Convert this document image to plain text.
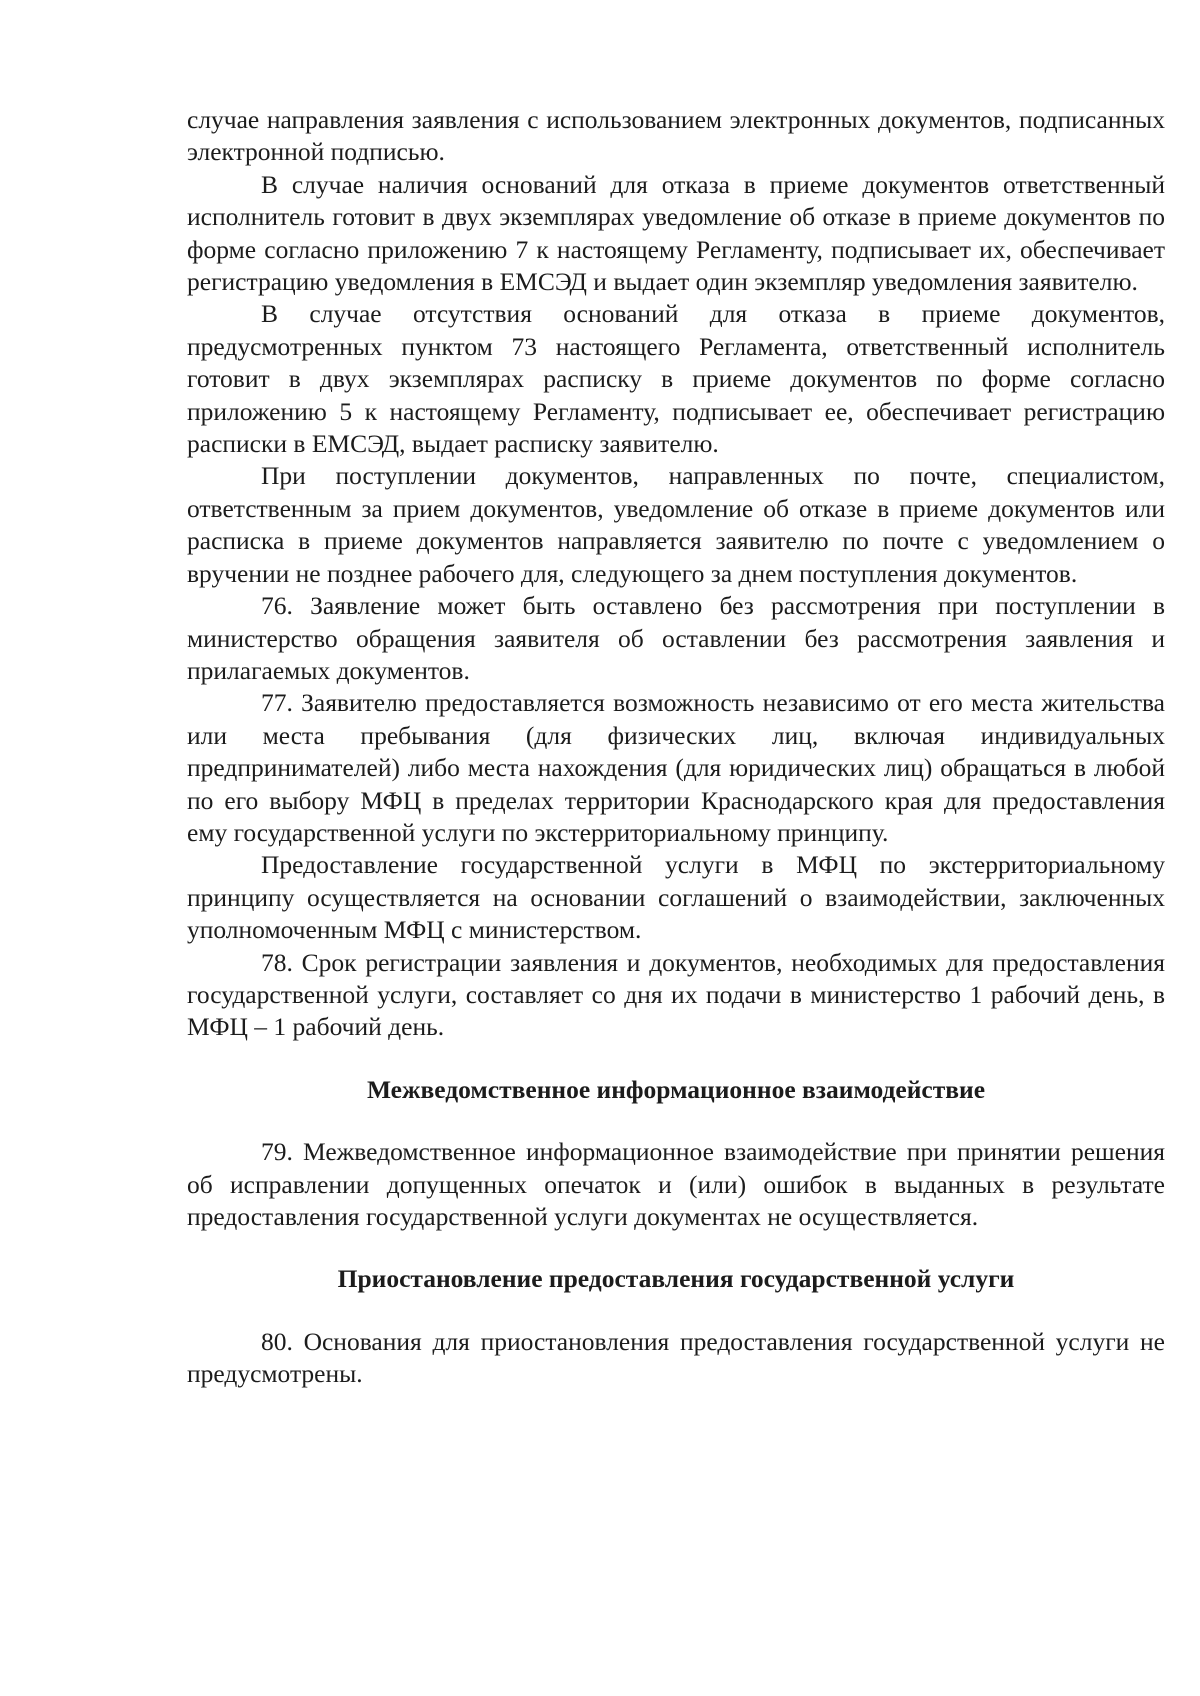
случае направления заявления с использованием электронных документов, подписанных электронной подписью.

В случае наличия оснований для отказа в приеме документов ответственный исполнитель готовит в двух экземплярах уведомление об отказе в приеме документов по форме согласно приложению 7 к настоящему Регламенту, подписывает их, обеспечивает регистрацию уведомления в ЕМСЭД и выдает один экземпляр уведомления заявителю.

В случае отсутствия оснований для отказа в приеме документов, предусмотренных пунктом 73 настоящего Регламента, ответственный исполнитель готовит в двух экземплярах расписку в приеме документов по форме согласно приложению 5 к настоящему Регламенту, подписывает ее, обеспечивает регистрацию расписки в ЕМСЭД, выдает расписку заявителю.

При поступлении документов, направленных по почте, специалистом, ответственным за прием документов, уведомление об отказе в приеме документов или расписка в приеме документов направляется заявителю по почте с уведомлением о вручении не позднее рабочего для, следующего за днем поступления документов.

76. Заявление может быть оставлено без рассмотрения при поступлении в министерство обращения заявителя об оставлении без рассмотрения заявления и прилагаемых документов.

77. Заявителю предоставляется возможность независимо от его места жительства или места пребывания (для физических лиц, включая индивидуальных предпринимателей) либо места нахождения (для юридических лиц) обращаться в любой по его выбору МФЦ в пределах территории Краснодарского края для предоставления ему государственной услуги по экстерриториальному принципу.

Предоставление государственной услуги в МФЦ по экстерриториальному принципу осуществляется на основании соглашений о взаимодействии, заключенных уполномоченным МФЦ с министерством.

78. Срок регистрации заявления и документов, необходимых для предоставления государственной услуги, составляет со дня их подачи в министерство 1 рабочий день, в МФЦ – 1 рабочий день.

Межведомственное информационное взаимодействие

79. Межведомственное информационное взаимодействие при принятии решения об исправлении допущенных опечаток и (или) ошибок в выданных в результате предоставления государственной услуги документах не осуществляется.

Приостановление предоставления государственной услуги

80. Основания для приостановления предоставления государственной услуги не предусмотрены.
